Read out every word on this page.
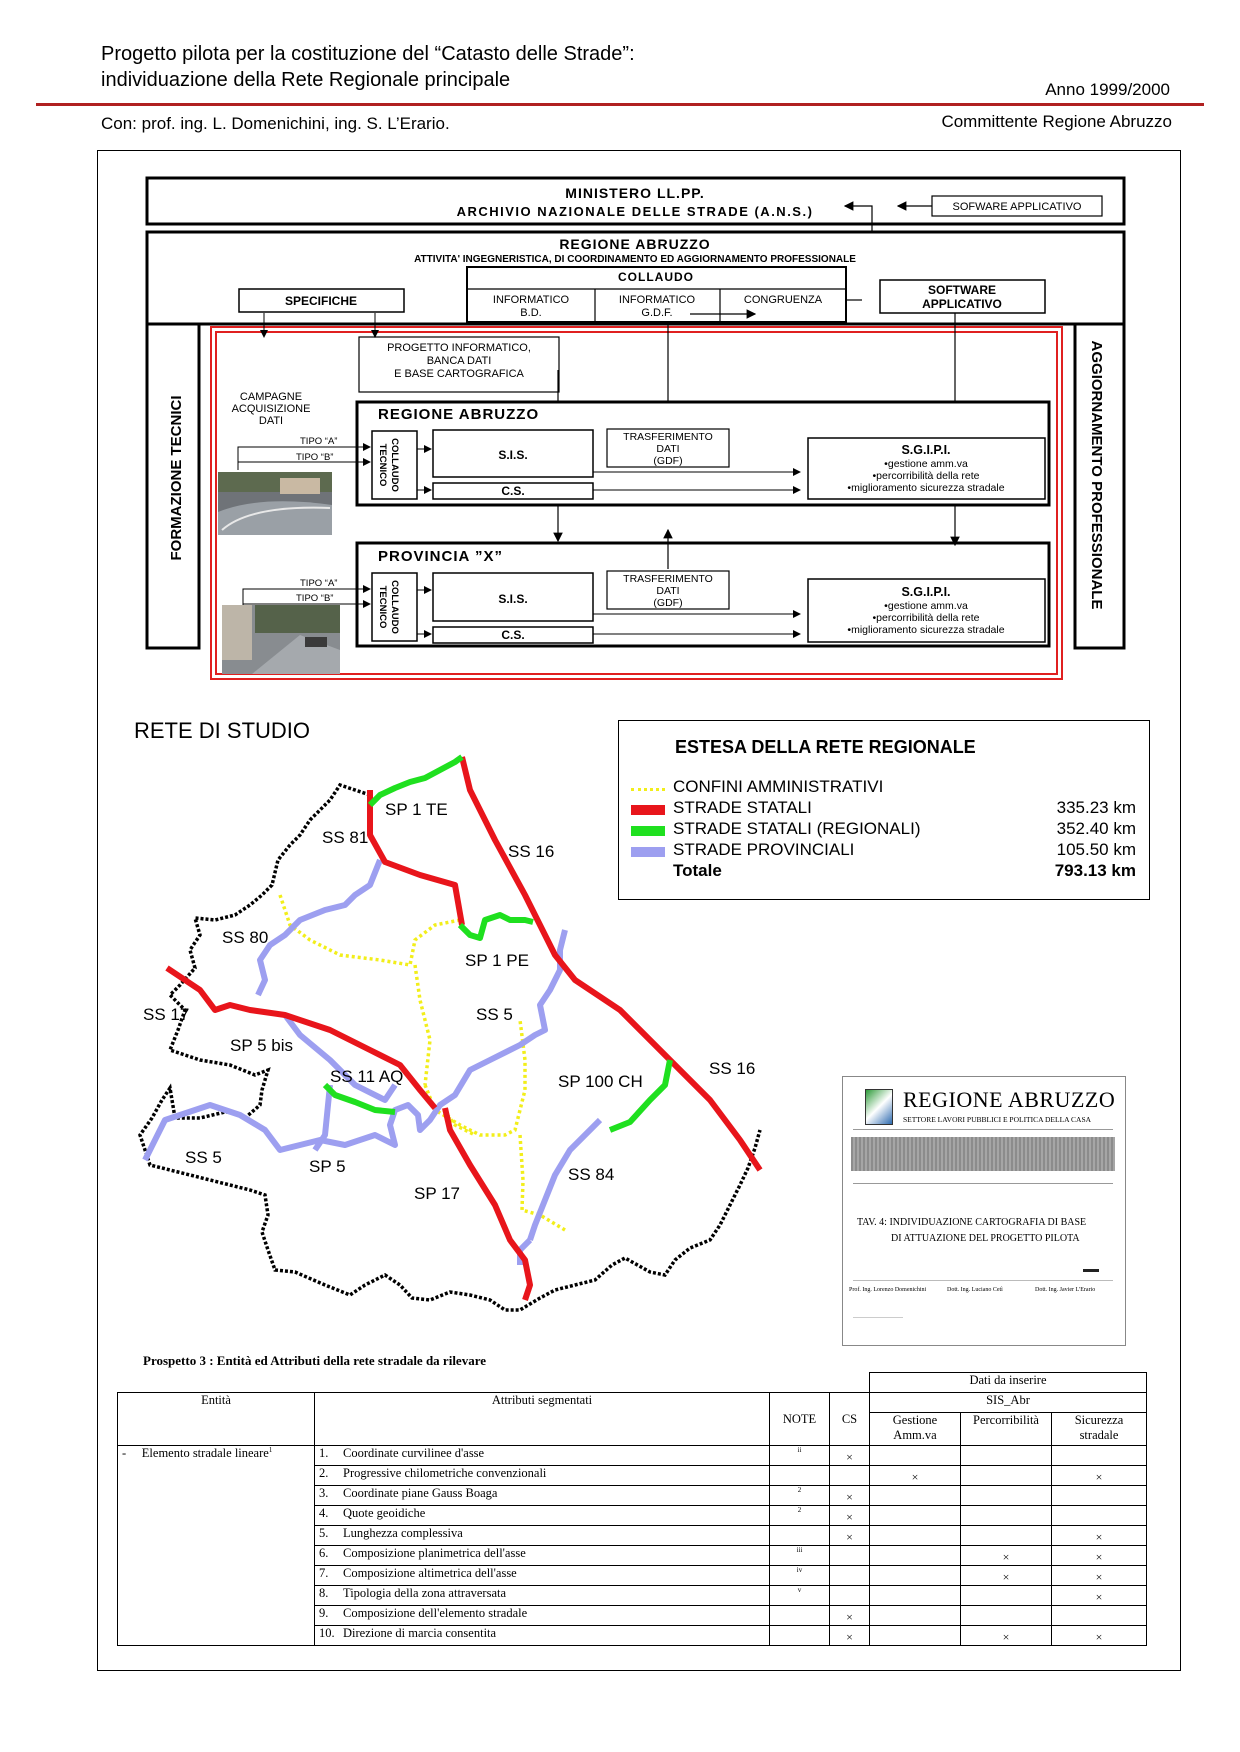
Progetto pilota per la costituzione del “Catasto delle Strade”:
individuazione della Rete Regionale principale	Anno 1999/2000
Con: prof. ing. L. Domenichini, ing. S. L’Erario.	Committente Regione Abruzzo
MINISTERO LL.PP.
ARCHIVIO NAZIONALE DELLE STRADE (A.N.S.)	SOFWARE APPLICATIVO
REGIONE ABRUZZO
ATTIVITA' INGEGNERISTICA, DI COORDINAMENTO ED AGGIORNAMENTO PROFESSIONALE
SPECIFICHE
COLLAUDO
INFORMATICO
B.D.
INFORMATICO
G.D.F.
CONGRUENZA
SOFTWARE
APPLICATIVO
FORMAZIONE TECNICI	AGGIORNAMENTO PROFESSIONALE
PROGETTO INFORMATICO,
BANCA DATI
E BASE CARTOGRAFICA
CAMPAGNE
ACQUISIZIONE
DATI	REGIONE ABRUZZO
PROVINCIA ”X”
TIPO “A”
TIPO “B”	COLLAUDO
TECNICO	S.I.S.
C.S.
TRASFERIMENTO
DATI
(GDF)
S.G.I.P.I.
•gestione amm.va
•percorribilità della rete
•miglioramento sicurezza stradale
TIPO “A”
TIPO “B”	COLLAUDO
TECNICO	S.I.S.
C.S.
TRASFERIMENTO
DATI
(GDF)
S.G.I.P.I.
•gestione amm.va
•percorribilità della rete
•miglioramento sicurezza stradale
RETE DI STUDIO
SP 1 TE
SS 81
SS 16
SS 80
SP 1 PE
SS 17	SS 5
SP 5 bis
SS 11 AQ	SP 100 CH
SS 16
SS 5	SP 5	SS 84
SP 17
ESTESA DELLA RETE REGIONALE
CONFINI AMMINISTRATIVI
STRADE STATALI	335.23 km
STRADE STATALI (REGIONALI)	352.40 km
STRADE PROVINCIALI	105.50 km
Totale	793.13 km
REGIONE ABRUZZO
SETTORE LAVORI PUBBLICI E POLITICA DELLA CASA
TAV. 4: INDIVIDUAZIONE CARTOGRAFIA DI BASE
DI ATTUAZIONE DEL PROGETTO PILOTA
Prof. Ing. Lorenzo Domenichini	Dott. Ing. Luciano Cetì	Dott. Ing. Javier L'Erario
Prospetto 3 : Entità ed Attributi della rete stradale da rilevare
				Dati da inserire		
Entità	Attributi segmentati	NOTE	CS	SIS_Abr		
				Gestione Amm.va	Percorribilità	Sicurezza stradale
- Elemento stradale lineare$^1$	1. Coordinate curvilinee d'asse	ii	×			
	2. Progressive chilometriche convenzionali			×		×
	3. Coordinate piane Gauss Boaga	2	×			
	4. Quote geoidiche	2	×			
	5. Lunghezza complessiva		×			×
	6. Composizione planimetrica dell'asse	iii			×	×
	7. Composizione altimetrica dell'asse	iv			×	×
	8. Tipologia della zona attraversata	v				×
	9. Composizione dell'elemento stradale		×			
	10. Direzione di marcia consentita		×		×	×
